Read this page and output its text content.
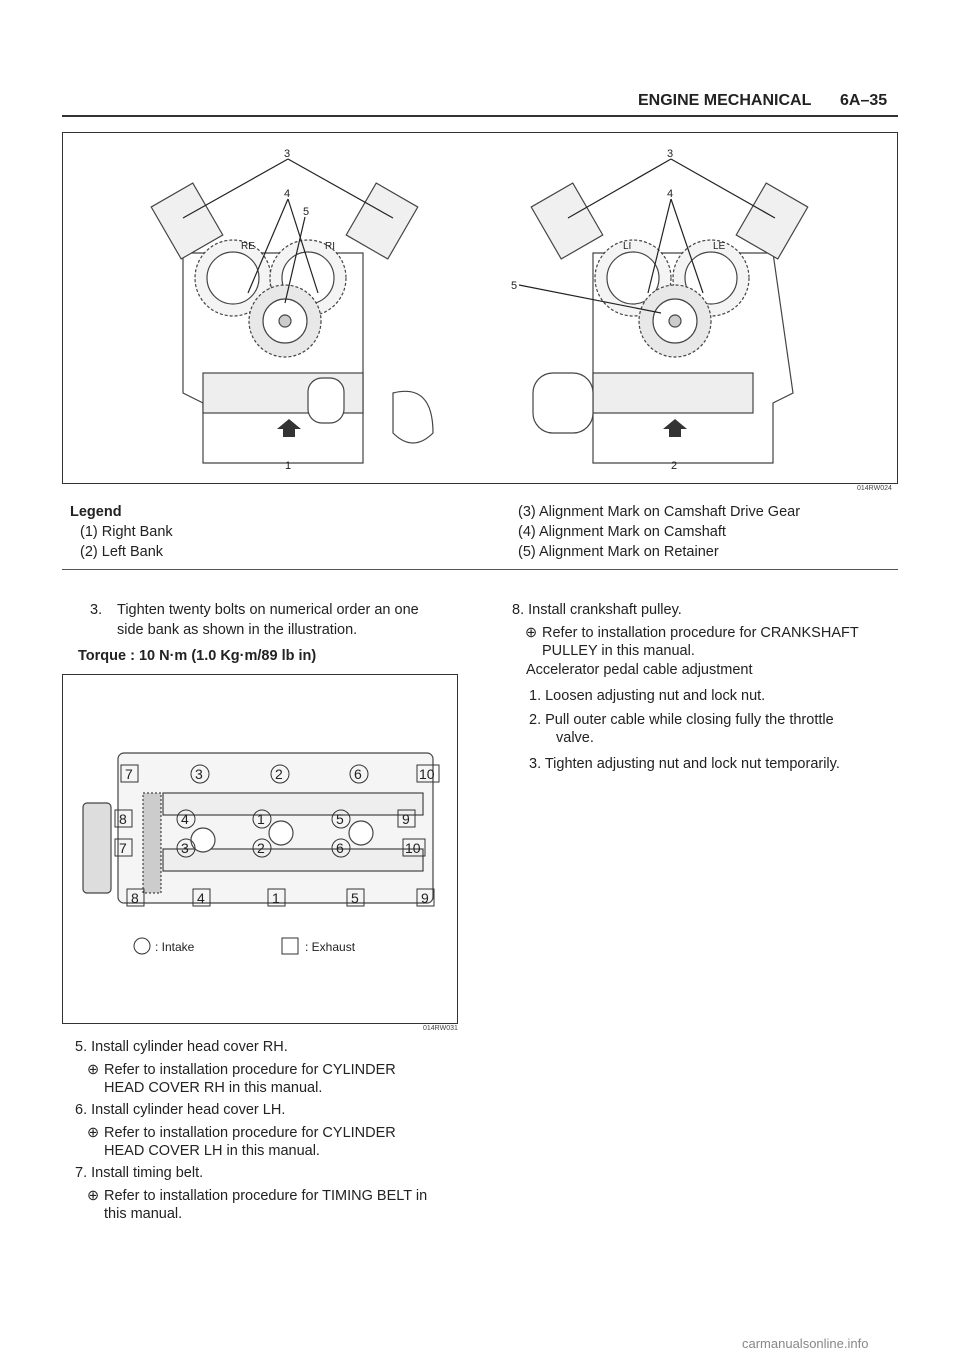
ENGINE MECHANICAL 6A–35
3
4
5
1
3
4
5
2
RE	RI	LI	LE
014RW024
Legend
(1) Right Bank
(2) Left Bank
(3) Alignment Mark on Camshaft Drive Gear
(4) Alignment Mark on Camshaft
(5) Alignment Mark on Retainer
3. Tighten twenty bolts on numerical order an one
side bank as shown in the illustration.
Torque : 10 N·m (1.0 Kg·m/89 lb in)
7	3	2	6	10
8	4	1	5	9
7	3	2	6	10
8	4	1	5	9
: Intake	: Exhaust
014RW031
5. Install cylinder head cover RH.
⊕ Refer to installation procedure for CYLINDER
HEAD COVER RH in this manual.
6. Install cylinder head cover LH.
⊕ Refer to installation procedure for CYLINDER
HEAD COVER LH in this manual.
7. Install timing belt.
⊕ Refer to installation procedure for TIMING BELT in
this manual.
8. Install crankshaft pulley.
⊕ Refer to installation procedure for CRANKSHAFT
PULLEY in this manual.
Accelerator pedal cable adjustment
1. Loosen adjusting nut and lock nut.
2. Pull outer cable while closing fully the throttle
valve.
3. Tighten adjusting nut and lock nut temporarily.
carmanualsonline.info
